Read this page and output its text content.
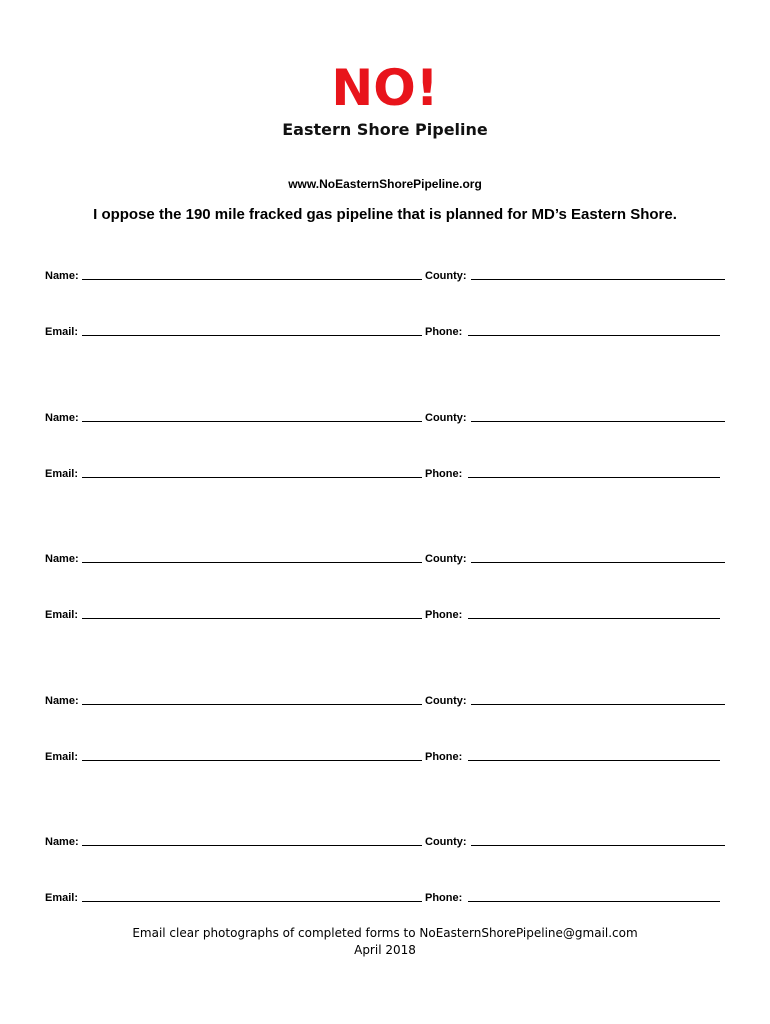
NO!
Eastern Shore Pipeline
www.NoEasternShorePipeline.org
I oppose the 190 mile fracked gas pipeline that is planned for MD’s Eastern Shore.
Name:	County:
Email:	Phone:
Name:	County:
Email:	Phone:
Name:	County:
Email:	Phone:
Name:	County:
Email:	Phone:
Name:	County:
Email:	Phone:
Email clear photographs of completed forms to NoEasternShorePipeline@gmail.com
April 2018
